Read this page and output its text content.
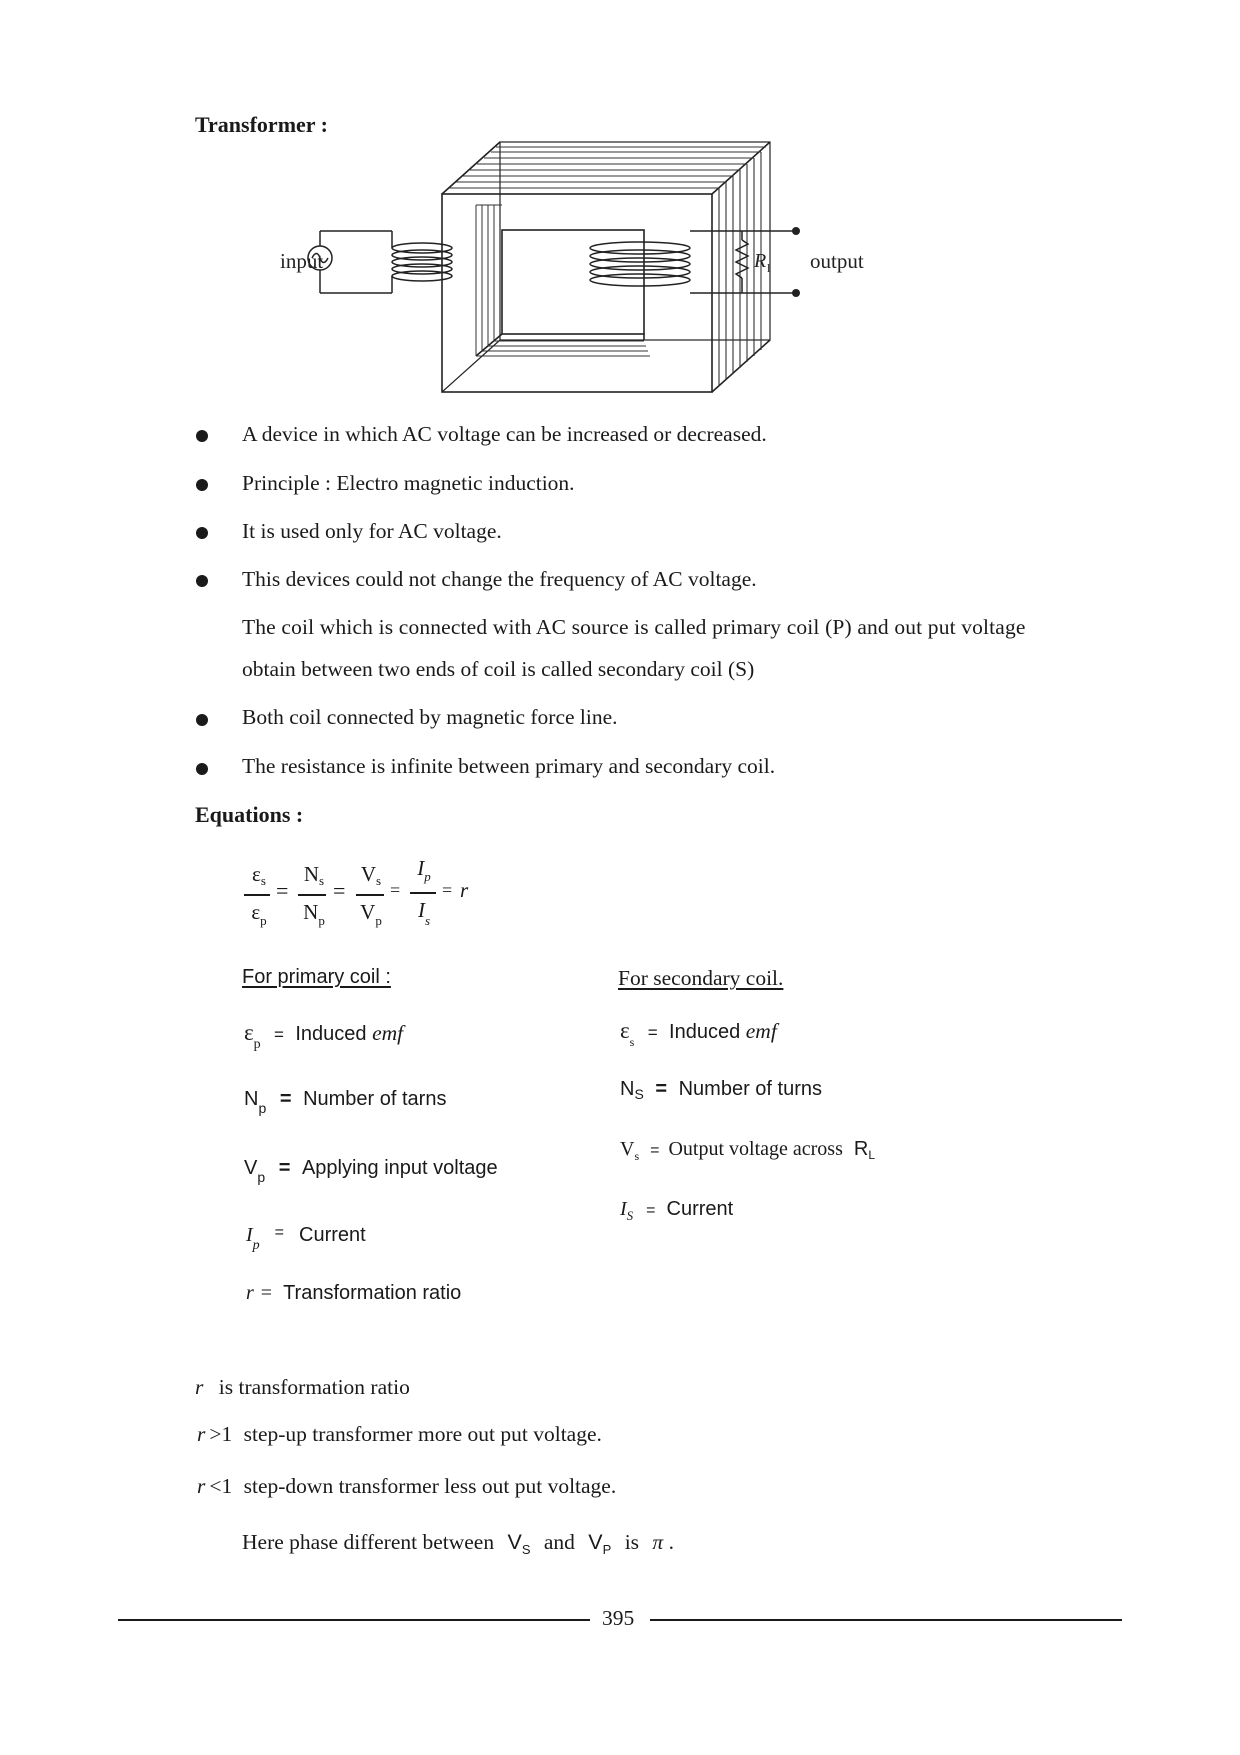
Transformer :
input	output
R l
A device in which AC voltage can be increased or decreased.
Principle : Electro magnetic induction.
It is used only for AC voltage.
This devices could not change the frequency of AC voltage.
The coil which is connected with AC source is called primary coil (P) and out put voltage
obtain between two ends of coil is called secondary coil (S)
Both coil connected by magnetic force line.
The resistance is infinite between primary and secondary coil.
Equations :
εs
$\varepsilon_p$
=
Ns
$N_p$
=
Vs
$V_p$
=
$I_p$
$I_s$
= r
For primary coil :
$\varepsilon_p$ = Induced emf
$N_p$ = Number of tarns
$V_p$ = Applying input voltage
$I_p$ = Current
r = Transformation ratio
For secondary coil.
$\varepsilon_s$ = Induced emf
$N_S$ = Number of turns
$V_s$ = Output voltage across $R_L$
$I_S$ = Current
r is transformation ratio
r >1 step-up transformer more out put voltage.
r <1 step-down transformer less out put voltage.
Here phase different between $V_S$ and $V_P$ is π .
395
